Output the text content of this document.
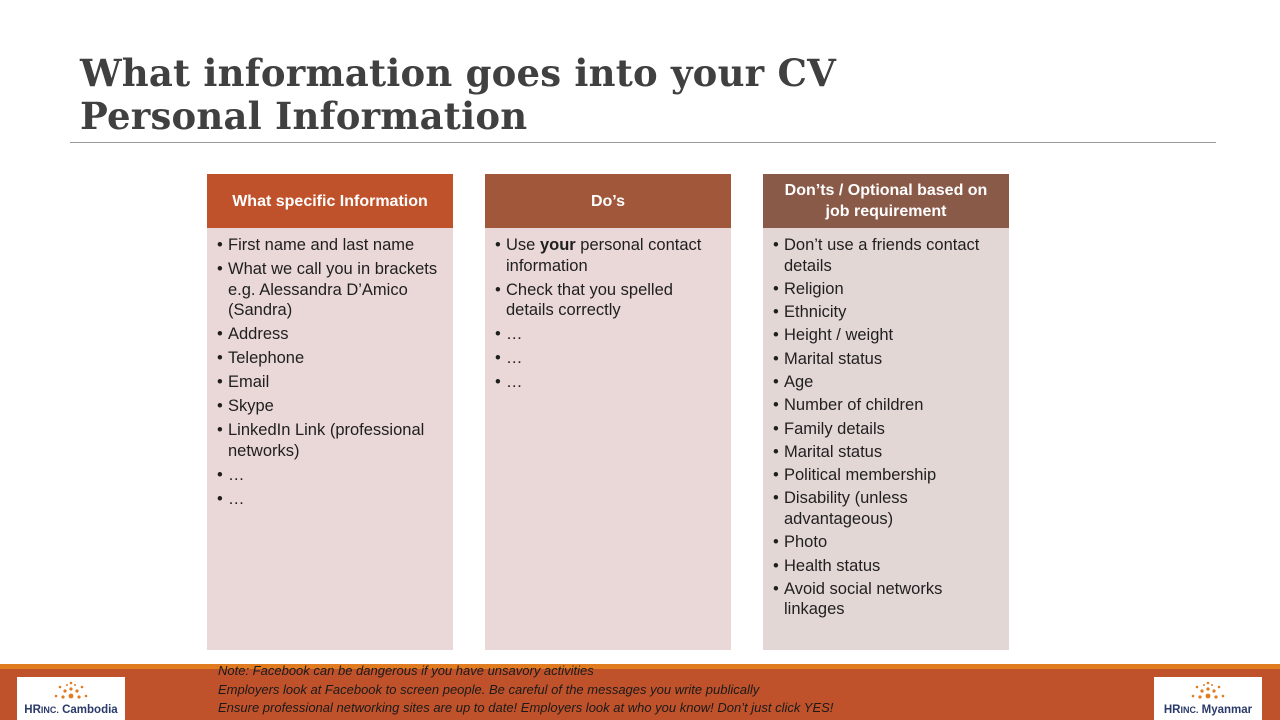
What information goes into your CV
Personal Information
What specific Information
• First name and last name
• What we call you in brackets e.g. Alessandra D’Amico (Sandra)
• Address
• Telephone
• Email
• Skype
• LinkedIn Link (professional networks)
• …
• …
Do’s
• Use your personal contact information
• Check that you spelled details correctly
• …
• …
• …
Don’ts / Optional based on job requirement
• Don’t use a friends contact details
• Religion
• Ethnicity
• Height / weight
• Marital status
• Age
• Number of children
• Family details
• Marital status
• Political membership
• Disability (unless advantageous)
• Photo
• Health status
• Avoid social networks linkages
Note: Facebook can be dangerous if you have unsavory activities
Employers look at Facebook to screen people. Be careful of the messages you write publically
Ensure professional networking sites are up to date! Employers look at who you know! Don’t just click YES!
HRINC. Cambodia	HRINC. Myanmar
